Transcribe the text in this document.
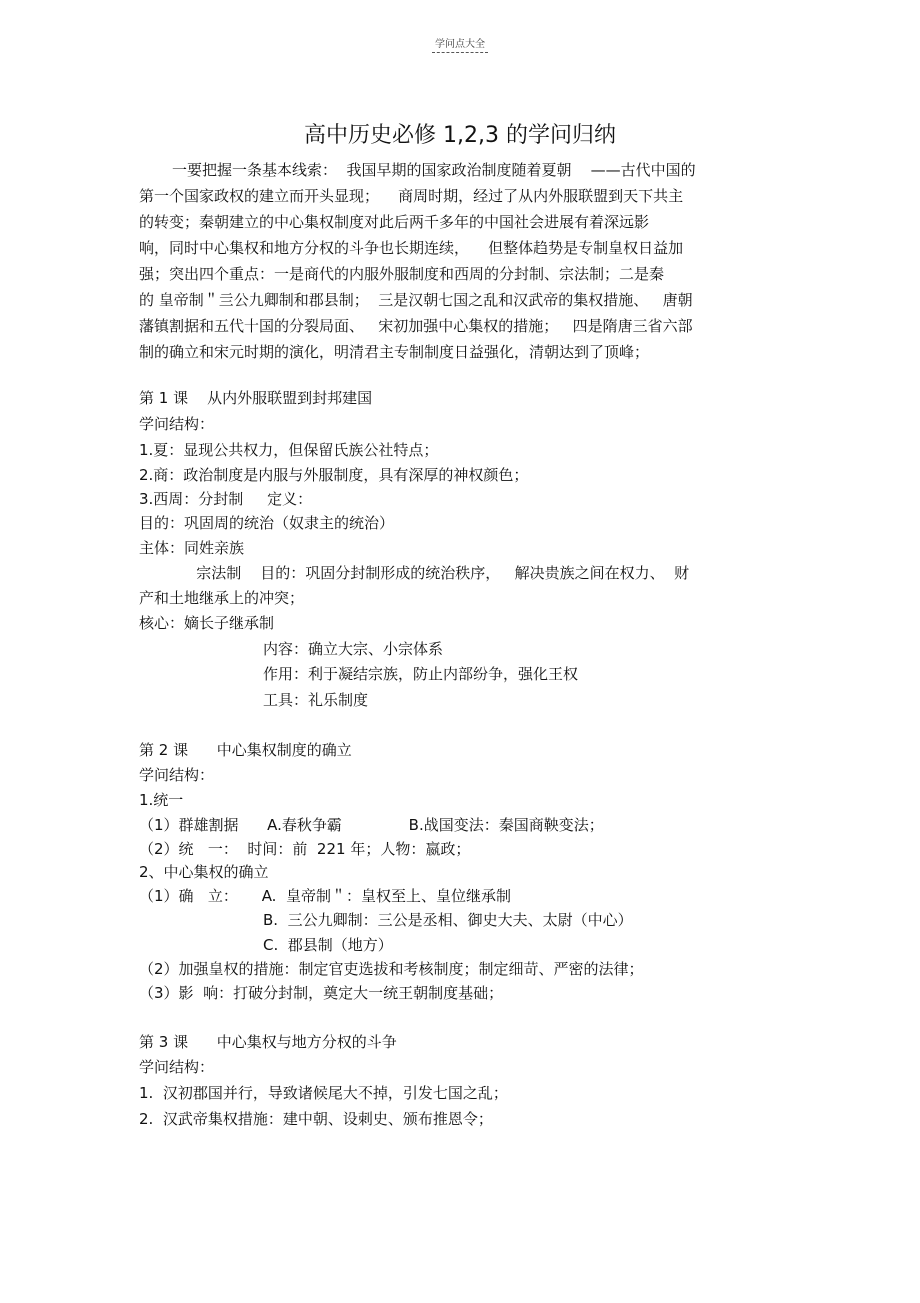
学问点大全
高中历史必修 1,2,3 的学问归纳
一要把握一条基本线索：  我国早期的国家政治制度随着夏朝    ——古代中国的
第一个国家政权的建立而开头显现；    商周时期，经过了从内外服联盟到天下共主
的转变；秦朝建立的中心集权制度对此后两千多年的中国社会进展有着深远影
响，同时中心集权和地方分权的斗争也长期连续，    但整体趋势是专制皇权日益加
强；突出四个重点：一是商代的内服外服制度和西周的分封制、宗法制；二是秦
的 皇帝制＂亖公九卿制和郡县制；  三是汉朝七国之乱和汉武帝的集权措施、   唐朝
藩镇割据和五代十国的分裂局面、   宋初加强中心集权的措施；   四是隋唐三省六部
制的确立和宋元时期的演化，明清君主专制制度日益强化，清朝达到了顶峰；
第 1 课    从内外服联盟到封邦建国
学问结构：
1.夏：显现公共权力，但保留氏族公社特点；
2.商：政治制度是内服与外服制度，具有深厚的神权颜色；
3.西周：分封制     定义：
目的：巩固周的统治（奴隶主的统治）
主体：同姓亲族
宗法制    目的：巩固分封制形成的统治秩序，   解决贵族之间在权力、  财
产和土地继承上的冲突；
核心：嫡长子继承制
内容：确立大宗、小宗体系
作用：利于凝结宗族，防止内部纷争，强化王权
工具：礼乐制度
第 2 课      中心集权制度的确立
学问结构：
1.统一
（1）群雄割据      A.春秋争霸              B.战国变法：秦国商鞅变法；
（2）统   一：  时间：前  221 年；人物：嬴政；
2、中心集权的确立
（1）确   立：     A.  皇帝制＂：皇权至上、皇位继承制
B.  三公九卿制：三公是丞相、御史大夫、太尉（中心）
C.  郡县制（地方）
（2）加强皇权的措施：制定官吏选拔和考核制度；制定细苛、严密的法律；
（3）影  响：打破分封制，奠定大一统王朝制度基础；
第 3 课      中心集权与地方分权的斗争
学问结构：
1.  汉初郡国并行，导致诸候尾大不掉，引发七国之乱；
2.  汉武帝集权措施：建中朝、设刺史、颁布推恩令；
